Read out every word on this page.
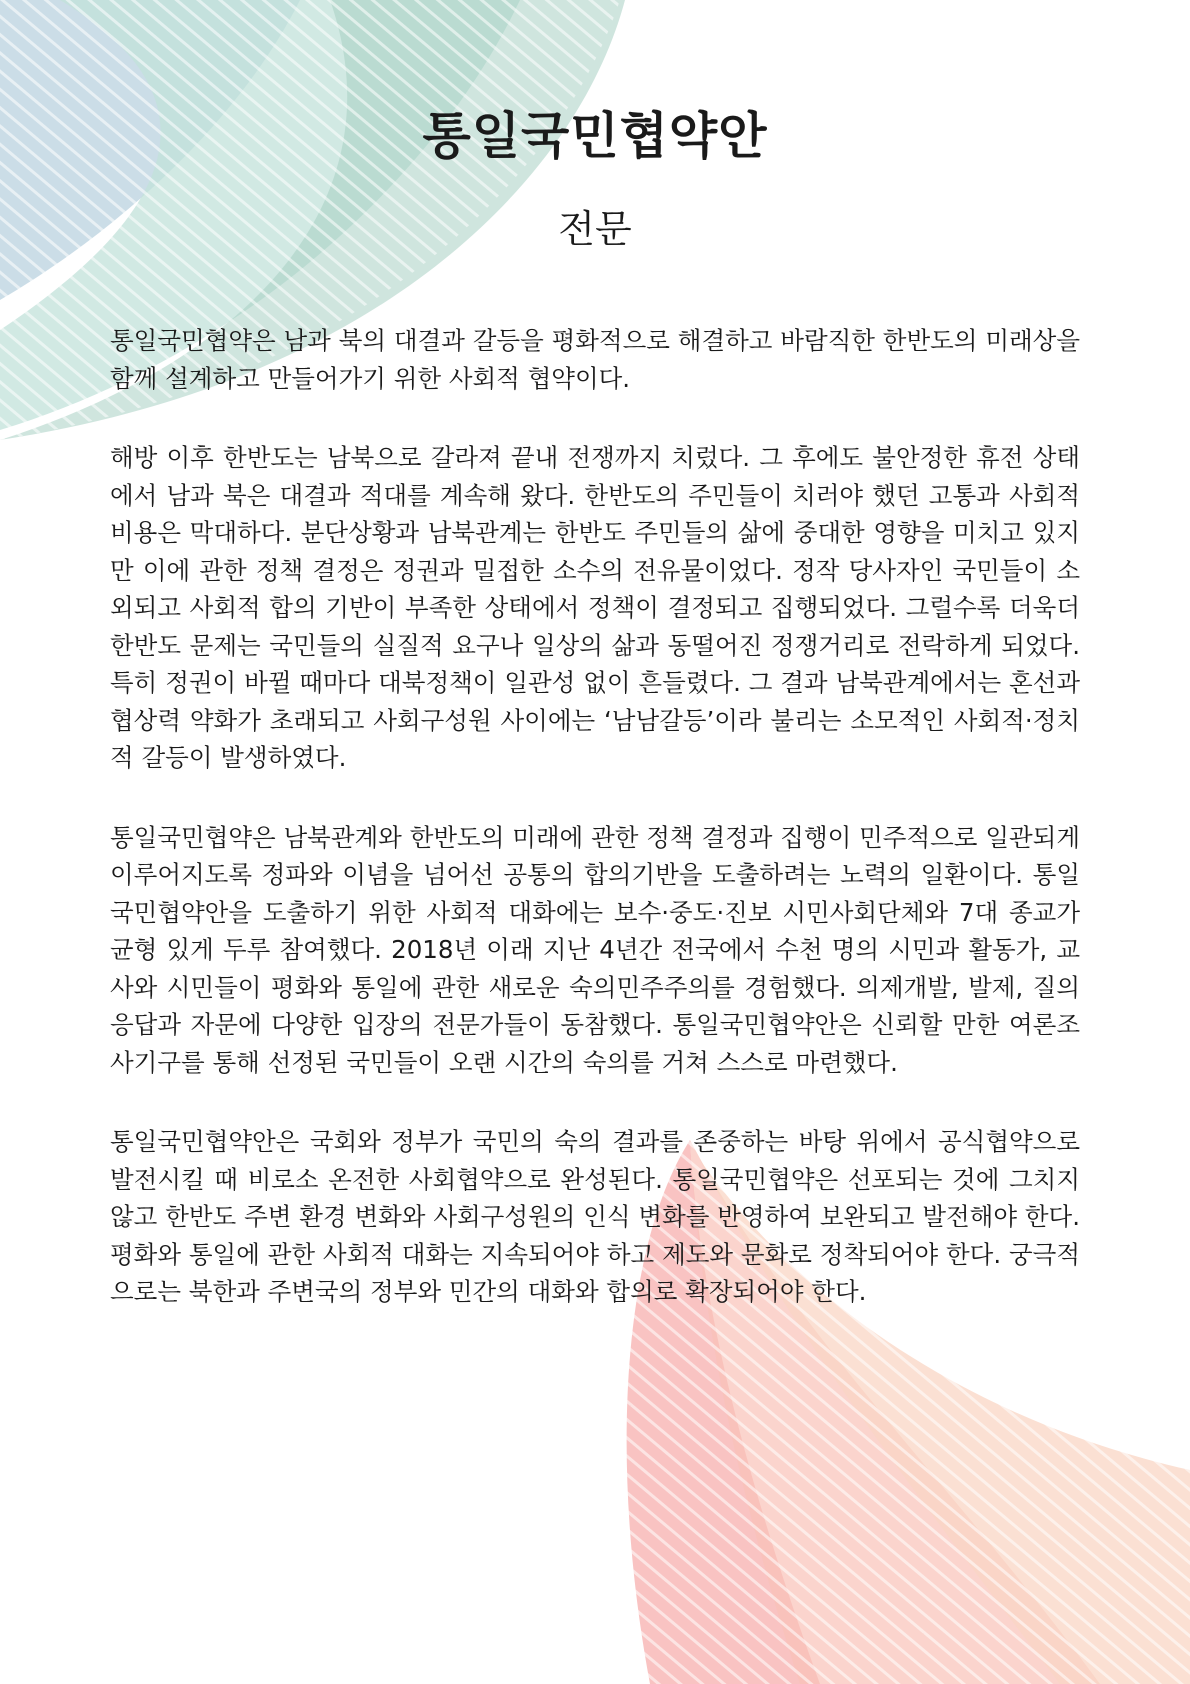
통일국민협약안
전문

통일국민협약은 남과 북의 대결과 갈등을 평화적으로 해결하고 바람직한 한반도의 미래상을 함께 설계하고 만들어가기 위한 사회적 협약이다.

해방 이후 한반도는 남북으로 갈라져 끝내 전쟁까지 치렀다. 그 후에도 불안정한 휴전 상태에서 남과 북은 대결과 적대를 계속해 왔다. 한반도의 주민들이 치러야 했던 고통과 사회적 비용은 막대하다. 분단상황과 남북관계는 한반도 주민들의 삶에 중대한 영향을 미치고 있지만 이에 관한 정책 결정은 정권과 밀접한 소수의 전유물이었다. 정작 당사자인 국민들이 소외되고 사회적 합의 기반이 부족한 상태에서 정책이 결정되고 집행되었다. 그럴수록 더욱더 한반도 문제는 국민들의 실질적 요구나 일상의 삶과 동떨어진 정쟁거리로 전락하게 되었다. 특히 정권이 바뀔 때마다 대북정책이 일관성 없이 흔들렸다. 그 결과 남북관계에서는 혼선과 협상력 약화가 초래되고 사회구성원 사이에는 ‘남남갈등’이라 불리는 소모적인 사회적·정치적 갈등이 발생하였다.

통일국민협약은 남북관계와 한반도의 미래에 관한 정책 결정과 집행이 민주적으로 일관되게 이루어지도록 정파와 이념을 넘어선 공통의 합의기반을 도출하려는 노력의 일환이다. 통일국민협약안을 도출하기 위한 사회적 대화에는 보수·중도·진보 시민사회단체와 7대 종교가 균형 있게 두루 참여했다. 2018년 이래 지난 4년간 전국에서 수천 명의 시민과 활동가, 교사와 시민들이 평화와 통일에 관한 새로운 숙의민주주의를 경험했다. 의제개발, 발제, 질의응답과 자문에 다양한 입장의 전문가들이 동참했다. 통일국민협약안은 신뢰할 만한 여론조사기구를 통해 선정된 국민들이 오랜 시간의 숙의를 거쳐 스스로 마련했다.

통일국민협약안은 국회와 정부가 국민의 숙의 결과를 존중하는 바탕 위에서 공식협약으로 발전시킬 때 비로소 온전한 사회협약으로 완성된다. 통일국민협약은 선포되는 것에 그치지 않고 한반도 주변 환경 변화와 사회구성원의 인식 변화를 반영하여 보완되고 발전해야 한다. 평화와 통일에 관한 사회적 대화는 지속되어야 하고 제도와 문화로 정착되어야 한다. 궁극적으로는 북한과 주변국의 정부와 민간의 대화와 합의로 확장되어야 한다.
